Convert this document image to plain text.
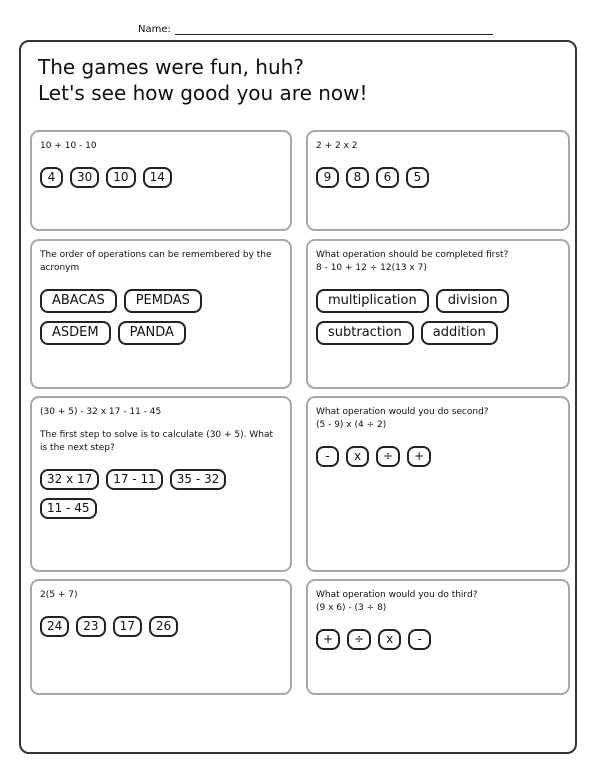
Name:
The games were fun, huh?
Let's see how good you are now!
10 + 10 - 10
4	30	10	14
2 + 2 x 2
9	8	6	5
The order of operations can be remembered by the acronym
ABACAS	PEMDAS
ASDEM	PANDA
What operation should be completed first?
8 - 10 + 12 ÷ 12(13 x 7)
multiplication	division
subtraction	addition
(30 + 5) - 32 x 17 - 11 - 45
The first step to solve is to calculate (30 + 5). What is the next step?
32 x 17	17 - 11	35 - 32
11 - 45
What operation would you do second?
(5 - 9) x (4 ÷ 2)
-	x	÷	+
2(5 + 7)
24	23	17	26
What operation would you do third?
(9 x 6) - (3 ÷ 8)
+	÷	x	-
